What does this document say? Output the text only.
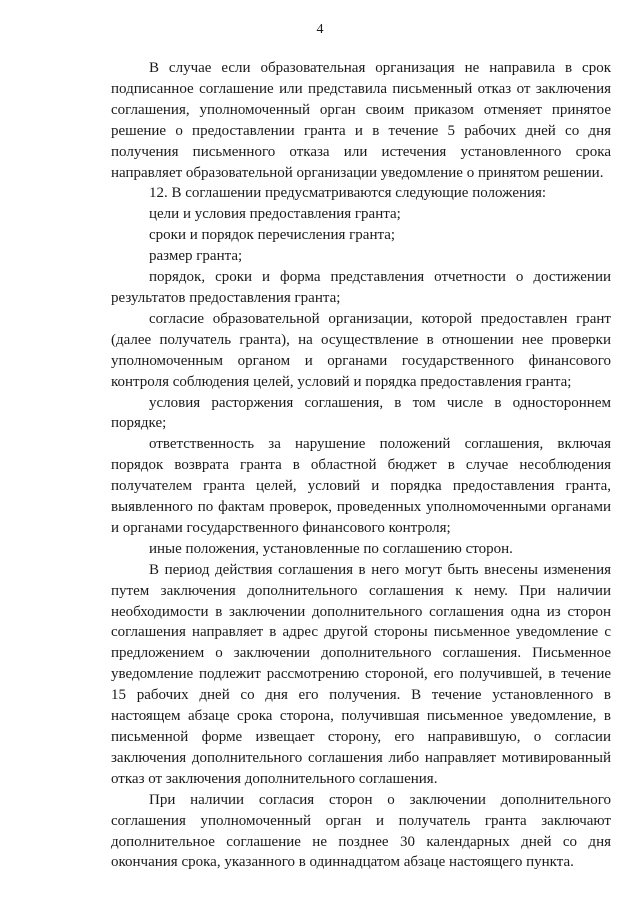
4

В случае если образовательная организация не направила в срок подписанное соглашение или представила письменный отказ от заключения соглашения, уполномоченный орган своим приказом отменяет принятое решение о предоставлении гранта и в течение 5 рабочих дней со дня получения письменного отказа или истечения установленного срока направляет образовательной организации уведомление о принятом решении.

12. В соглашении предусматриваются следующие положения:

цели и условия предоставления гранта;

сроки и порядок перечисления гранта;

размер гранта;

порядок, сроки и форма представления отчетности о достижении результатов предоставления гранта;

согласие образовательной организации, которой предоставлен грант (далее получатель гранта), на осуществление в отношении нее проверки уполномоченным органом и органами государственного финансового контроля соблюдения целей, условий и порядка предоставления гранта;

условия расторжения соглашения, в том числе в одностороннем порядке;

ответственность за нарушение положений соглашения, включая порядок возврата гранта в областной бюджет в случае несоблюдения получателем гранта целей, условий и порядка предоставления гранта, выявленного по фактам проверок, проведенных уполномоченными органами и органами государственного финансового контроля;

иные положения, установленные по соглашению сторон.

В период действия соглашения в него могут быть внесены изменения путем заключения дополнительного соглашения к нему. При наличии необходимости в заключении дополнительного соглашения одна из сторон соглашения направляет в адрес другой стороны письменное уведомление с предложением о заключении дополнительного соглашения. Письменное уведомление подлежит рассмотрению стороной, его получившей, в течение 15 рабочих дней со дня его получения. В течение установленного в настоящем абзаце срока сторона, получившая письменное уведомление, в письменной форме извещает сторону, его направившую, о согласии заключения дополнительного соглашения либо направляет мотивированный отказ от заключения дополнительного соглашения.

При наличии согласия сторон о заключении дополнительного соглашения уполномоченный орган и получатель гранта заключают дополнительное соглашение не позднее 30 календарных дней со дня окончания срока, указанного в одиннадцатом абзаце настоящего пункта.
